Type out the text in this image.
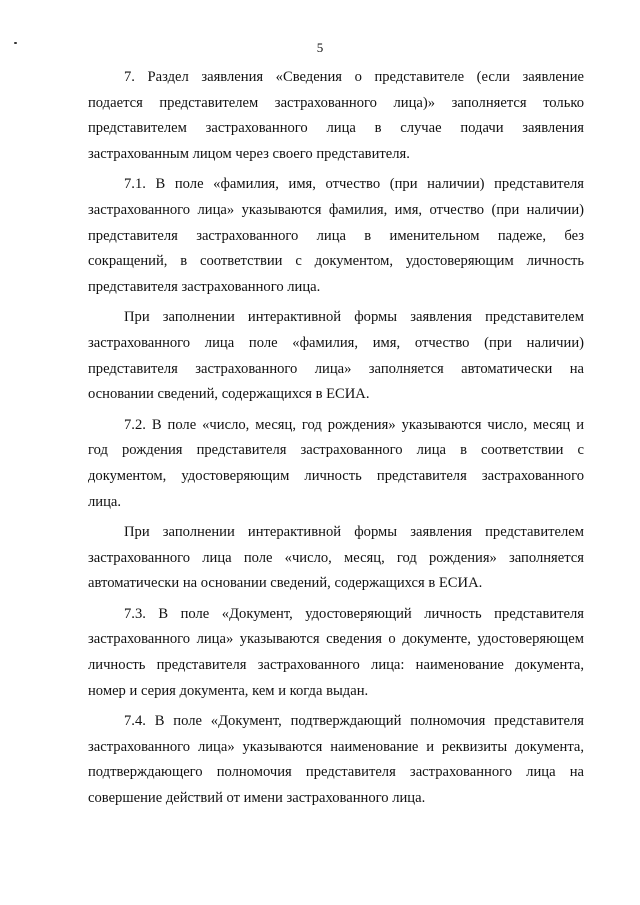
5

7. Раздел заявления «Сведения о представителе (если заявление
подается представителем застрахованного лица)» заполняется только
представителем застрахованного лица в случае подачи заявления
застрахованным лицом через своего представителя.

7.1. В поле «фамилия, имя, отчество (при наличии) представителя
застрахованного лица» указываются фамилия, имя, отчество (при наличии)
представителя застрахованного лица в именительном падеже, без
сокращений, в соответствии с документом, удостоверяющим личность
представителя застрахованного лица.

При заполнении интерактивной формы заявления представителем
застрахованного лица поле «фамилия, имя, отчество (при наличии)
представителя застрахованного лица» заполняется автоматически на
основании сведений, содержащихся в ЕСИА.

7.2. В поле «число, месяц, год рождения» указываются число, месяц и
год рождения представителя застрахованного лица в соответствии с
документом, удостоверяющим личность представителя застрахованного
лица.

При заполнении интерактивной формы заявления представителем
застрахованного лица поле «число, месяц, год рождения» заполняется
автоматически на основании сведений, содержащихся в ЕСИА.

7.3. В поле «Документ, удостоверяющий личность представителя
застрахованного лица» указываются сведения о документе, удостоверяющем
личность представителя застрахованного лица: наименование документа,
номер и серия документа, кем и когда выдан.

7.4. В поле «Документ, подтверждающий полномочия представителя
застрахованного лица» указываются наименование и реквизиты документа,
подтверждающего полномочия представителя застрахованного лица на
совершение действий от имени застрахованного лица.
